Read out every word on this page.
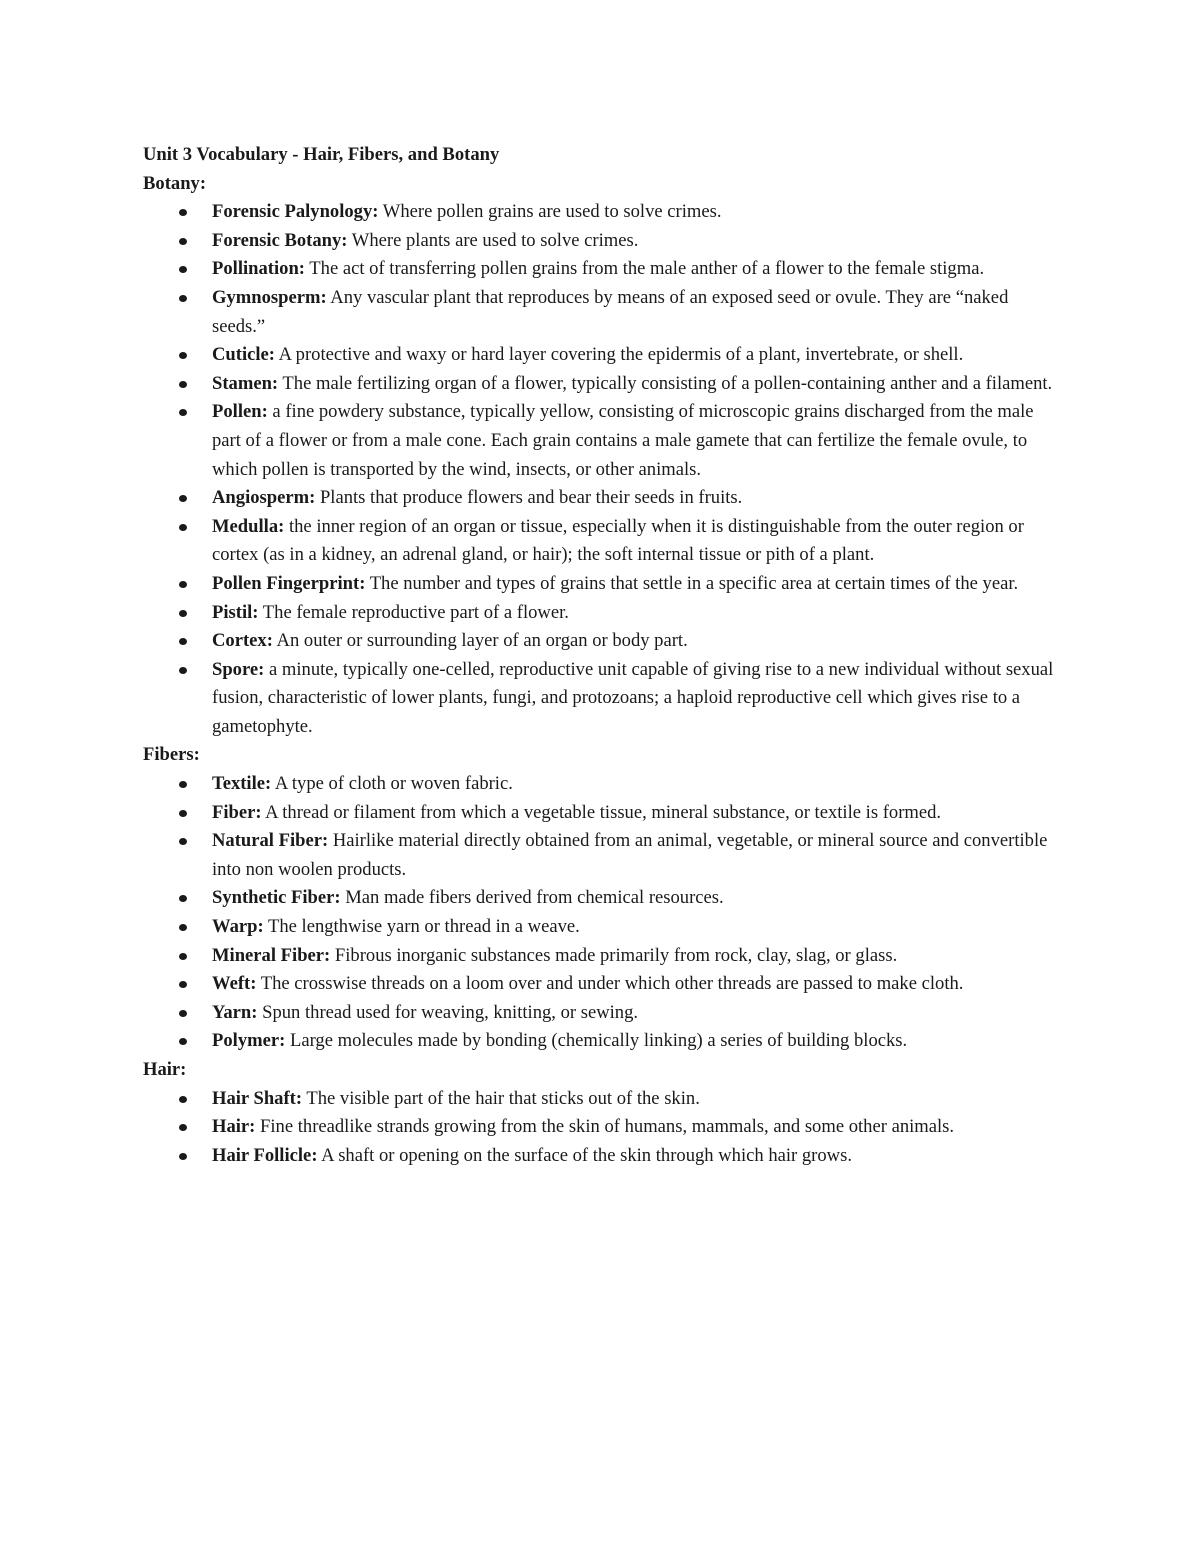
Unit 3 Vocabulary - Hair, Fibers, and Botany

Botany:

Forensic Palynology: Where pollen grains are used to solve crimes.
Forensic Botany: Where plants are used to solve crimes.
Pollination: The act of transferring pollen grains from the male anther of a flower to the female stigma.
Gymnosperm: Any vascular plant that reproduces by means of an exposed seed or ovule. They are “naked seeds.”
Cuticle: A protective and waxy or hard layer covering the epidermis of a plant, invertebrate, or shell.
Stamen: The male fertilizing organ of a flower, typically consisting of a pollen-containing anther and a filament.
Pollen: a fine powdery substance, typically yellow, consisting of microscopic grains discharged from the male part of a flower or from a male cone. Each grain contains a male gamete that can fertilize the female ovule, to which pollen is transported by the wind, insects, or other animals.
Angiosperm: Plants that produce flowers and bear their seeds in fruits.
Medulla: the inner region of an organ or tissue, especially when it is distinguishable from the outer region or cortex (as in a kidney, an adrenal gland, or hair); the soft internal tissue or pith of a plant.
Pollen Fingerprint: The number and types of grains that settle in a specific area at certain times of the year.
Pistil: The female reproductive part of a flower.
Cortex: An outer or surrounding layer of an organ or body part.
Spore: a minute, typically one-celled, reproductive unit capable of giving rise to a new individual without sexual fusion, characteristic of lower plants, fungi, and protozoans; a haploid reproductive cell which gives rise to a gametophyte.

Fibers:

Textile: A type of cloth or woven fabric.
Fiber: A thread or filament from which a vegetable tissue, mineral substance, or textile is formed.
Natural Fiber: Hairlike material directly obtained from an animal, vegetable, or mineral source and convertible into non woolen products.
Synthetic Fiber: Man made fibers derived from chemical resources.
Warp: The lengthwise yarn or thread in a weave.
Mineral Fiber: Fibrous inorganic substances made primarily from rock, clay, slag, or glass.
Weft: The crosswise threads on a loom over and under which other threads are passed to make cloth.
Yarn: Spun thread used for weaving, knitting, or sewing.
Polymer: Large molecules made by bonding (chemically linking) a series of building blocks.

Hair:

Hair Shaft: The visible part of the hair that sticks out of the skin.
Hair: Fine threadlike strands growing from the skin of humans, mammals, and some other animals.
Hair Follicle: A shaft or opening on the surface of the skin through which hair grows.
